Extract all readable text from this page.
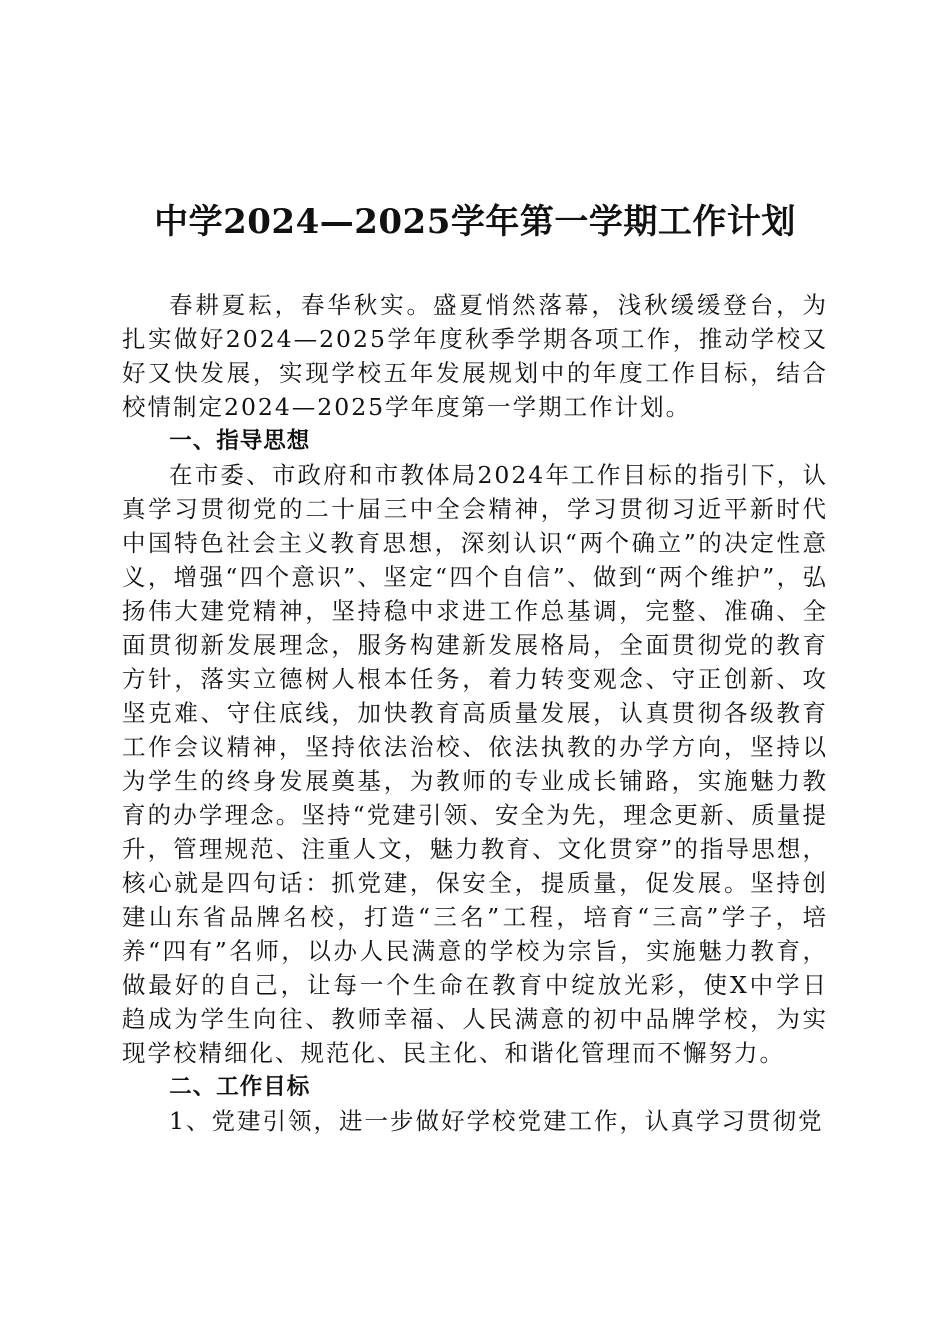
中学2024—2025学年第一学期工作计划

春耕夏耘，春华秋实。盛夏悄然落幕，浅秋缓缓登台，为扎实做好2024—2025学年度秋季学期各项工作，推动学校又好又快发展，实现学校五年发展规划中的年度工作目标，结合校情制定2024—2025学年度第一学期工作计划。

一、指导思想

在市委、市政府和市教体局2024年工作目标的指引下，认真学习贯彻党的二十届三中全会精神，学习贯彻习近平新时代中国特色社会主义教育思想，深刻认识“两个确立”的决定性意义，增强“四个意识”、坚定“四个自信”、做到“两个维护”，弘扬伟大建党精神，坚持稳中求进工作总基调，完整、准确、全面贯彻新发展理念，服务构建新发展格局，全面贯彻党的教育方针，落实立德树人根本任务，着力转变观念、守正创新、攻坚克难、守住底线，加快教育高质量发展，认真贯彻各级教育工作会议精神，坚持依法治校、依法执教的办学方向，坚持以为学生的终身发展奠基，为教师的专业成长铺路，实施魅力教育的办学理念。坚持“党建引领、安全为先，理念更新、质量提升，管理规范、注重人文，魅力教育、文化贯穿”的指导思想，核心就是四句话：抓党建，保安全，提质量，促发展。坚持创建山东省品牌名校，打造“三名”工程，培育“三高”学子，培养“四有”名师，以办人民满意的学校为宗旨，实施魅力教育，做最好的自己，让每一个生命在教育中绽放光彩，使X中学日趋成为学生向往、教师幸福、人民满意的初中品牌学校，为实现学校精细化、规范化、民主化、和谐化管理而不懈努力。

二、工作目标

1、党建引领，进一步做好学校党建工作，认真学习贯彻党
